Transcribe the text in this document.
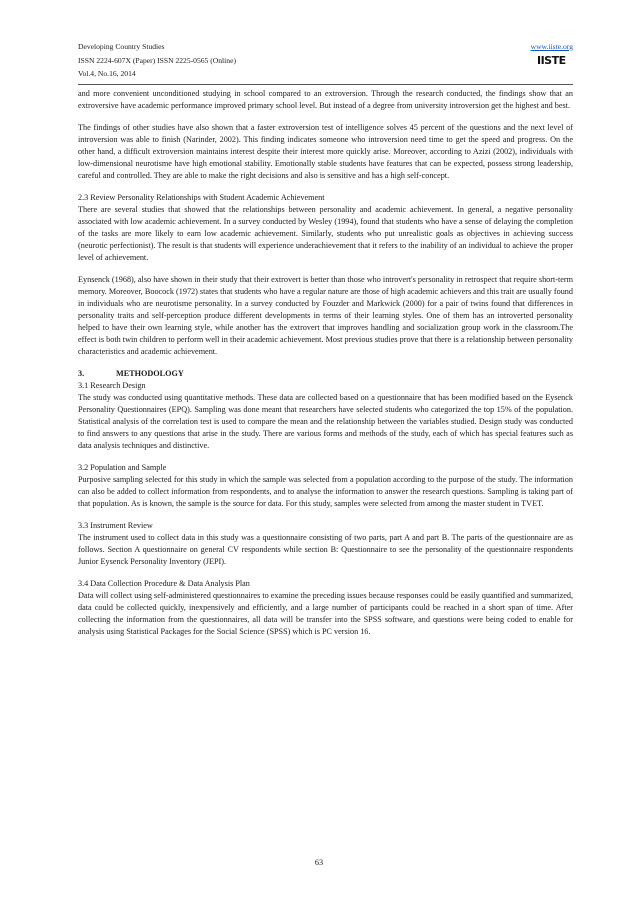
Developing Country Studies
ISSN 2224-607X (Paper) ISSN 2225-0565 (Online)
Vol.4, No.16, 2014
www.iiste.org
IISTE

and more convenient unconditioned studying in school compared to an extroversion. Through the research conducted, the findings show that an extroversive have academic performance improved primary school level. But instead of a degree from university introversion get the highest and best.

The findings of other studies have also shown that a faster extroversion test of intelligence solves 45 percent of the questions and the next level of introversion was able to finish (Narinder, 2002). This finding indicates someone who introversion need time to get the speed and progress. On the other hand, a difficult extroversion maintains interest despite their interest more quickly arise. Moreover, according to Azizi (2002), individuals with low-dimensional neurotisme have high emotional stability. Emotionally stable students have features that can be expected, possess strong leadership, careful and controlled. They are able to make the right decisions and also is sensitive and has a high self-concept.

2.3 Review Personality Relationships with Student Academic Achievement

There are several studies that showed that the relationships between personality and academic achievement. In general, a negative personality associated with low academic achievement. In a survey conducted by Wesley (1994), found that students who have a sense of delaying the completion of the tasks are more likely to earn low academic achievement. Similarly, students who put unrealistic goals as objectives in achieving success (neurotic perfectionist). The result is that students will experience underachievement that it refers to the inability of an individual to achieve the proper level of achievement.

Eynsenck (1968), also have shown in their study that their extrovert is better than those who introvert's personality in retrospect that require short-term memory. Moreover, Boocock (1972) states that students who have a regular nature are those of high academic achievers and this trait are usually found in individuals who are neurotisme personality. In a survey conducted by Fouzder and Markwick (2000) for a pair of twins found that differences in personality traits and self-perception produce different developments in terms of their learning styles. One of them has an introverted personality helped to have their own learning style, while another has the extrovert that improves handling and socialization group work in the classroom.The effect is both twin children to perform well in their academic achievement. Most previous studies prove that there is a relationship between personality characteristics and academic achievement.

3.	METHODOLOGY
3.1 Research Design

The study was conducted using quantitative methods. These data are collected based on a questionnaire that has been modified based on the Eysenck Personality Questionnaires (EPQ). Sampling was done meant that researchers have selected students who categorized the top 15% of the population. Statistical analysis of the correlation test is used to compare the mean and the relationship between the variables studied. Design study was conducted to find answers to any questions that arise in the study. There are various forms and methods of the study, each of which has special features such as data analysis techniques and distinctive.

3.2 Population and Sample

Purposive sampling selected for this study in which the sample was selected from a population according to the purpose of the study. The information can also be added to collect information from respondents, and to analyse the information to answer the research questions. Sampling is taking part of that population. As is known, the sample is the source for data. For this study, samples were selected from among the master student in TVET.

3.3 Instrument Review

The instrument used to collect data in this study was a questionnaire consisting of two parts, part A and part B. The parts of the questionnaire are as follows. Section A questionnaire on general CV respondents while section B: Questionnaire to see the personality of the questionnaire respondents Junior Eysenck Personality Inventory (JEPI).

3.4 Data Collection Procedure & Data Analysis Plan

Data will collect using self-administered questionnaires to examine the preceding issues because responses could be easily quantified and summarized, data could be collected quickly, inexpensively and efficiently, and a large number of participants could be reached in a short span of time. After collecting the information from the questionnaires, all data will be transfer into the SPSS software, and questions were being coded to enable for analysis using Statistical Packages for the Social Science (SPSS) which is PC version 16.

63
